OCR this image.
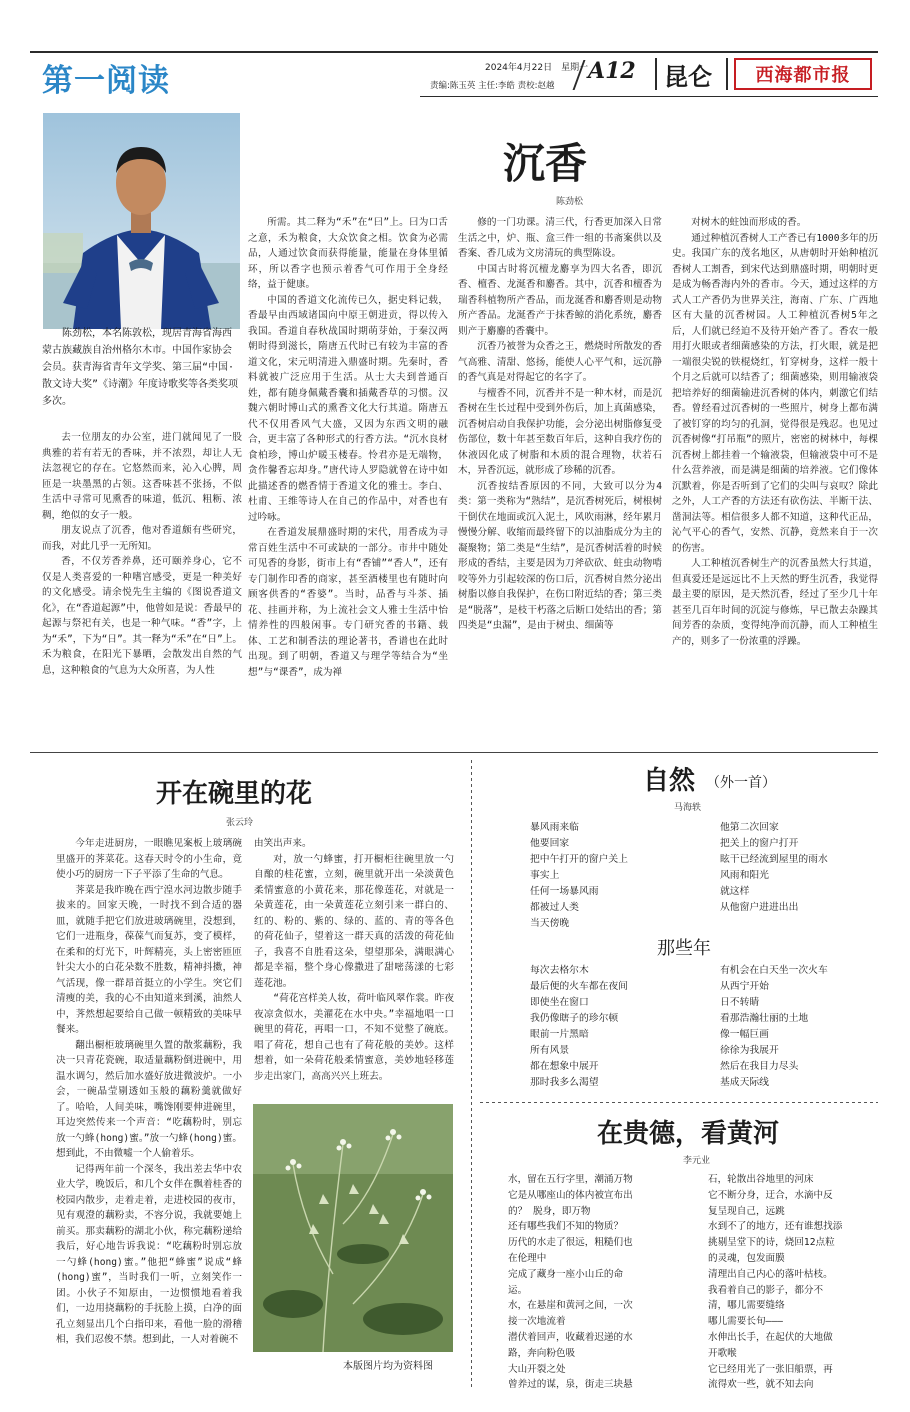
第一阅读	2024年4月22日　星期一
责编:陈玉英 主任:李皓 责校:赵越
A12 昆仑 西海都市报
陈劲松，本名陈敦松，现居青海省海西蒙古族藏族自治州格尔木市。中国作家协会会员。获青海省青年文学奖、第三届“中国·散文诗大奖”《诗潮》年度诗歌奖等各类奖项多次。
沉香
陈劲松

去一位朋友的办公室，进门就闻见了一股典雅的若有若无的香味，并不浓烈，却让人无法忽视它的存在。它悠然而来，沁入心脾，周匝是一块墨黑的占领。这香味甚不张扬，不似生活中寻常可见熏香的味道，低沉、粗粝、浓稠，绝似的女子一般。

朋友说点了沉香，他对香道颇有些研究，而我，对此几乎一无所知。

香，不仅芳香养鼻，还可颐养身心，它不仅是人类喜爱的一种嗜宫感受，更是一种美好的文化感受。请余悦先生主编的《图说香道文化》，在“香道起源”中，他曾如是说：香最早的起源与祭祀有关，也是一种气味。“香”字，上为“禾”，下为“日”。其一释为“禾”在“日”上。禾为粮食，在阳光下暴晒，会散发出自然的气息，这种粮食的气息为大众所喜，为人性

所需。其二释为“禾”在“曰”上。曰为口舌之意，禾为粮食，大众饮食之相。饮食为必需品，人通过饮食而获得能量，能量在身体里循环，所以香字也预示着香气可作用于全身经络，益于健康。

中国的香道文化流传已久，据史料记载，香最早由西域诸国向中原王朝进贡，得以传入我国。香道自春秋战国时期萌芽始，于秦汉两朝时得到滋长，隋唐五代时已有较为丰富的香道文化，宋元明清进入鼎盛时期。先秦时，香料就被广泛应用于生活。从士大夫到普通百姓，都有随身佩戴香囊和插戴香草的习惯。汉魏六朝时博山式的熏香文化大行其道。隋唐五代不仅用香风气大盛，又因为东西文明的融合，更丰富了各种形式的行香方法。“沉水良材食柏珍，博山炉暖玉楼春。怜君亦是无端物，贪作馨香忘却身。”唐代诗人罗隐就曾在诗中如此描述香的燃香情于香道文化的雅士。李白、杜甫、王维等诗人在自己的作品中，对香也有过吟咏。

在香道发展鼎盛时期的宋代，用香成为寻常百姓生活中不可或缺的一部分。市井中随处可见香的身影，街市上有“香铺”“香人”，还有专门制作印香的商家，甚至酒楼里也有随时向顾客供香的“香婆”。当时，品香与斗茶、插花、挂画并称，为上流社会文人雅士生活中怡情养性的四般闲事。专门研究香的书籍、载体、工艺和制香法的理论著书，香谱也在此时出现。到了明朝，香道又与理学等结合为“坐想”与“课香”，成为禅

修的一门功课。清三代，行香更加深入日常生活之中，炉、瓶、盒三件一组的书斋案供以及香案、香几成为文房清玩的典型陈设。

中国古时将沉檀龙麝享为四大名香，即沉香、檀香、龙涎香和麝香。其中，沉香和檀香为瑞香科植物所产香品，而龙涎香和麝香则是动物所产香品。龙涎香产于抹香鲸的消化系统，麝香则产于麝麝的香囊中。

沉香乃被誉为众香之王，燃烧时所散发的香气高雅、清甜、悠扬，能使人心平气和，远沉静的香气真是对得起它的名字了。

与檀香不同，沉香并不是一种木材，而是沉香树在生长过程中受到外伤后，加上真菌感染，沉香树启动自我保护功能，会分泌出树脂修复受伤部位，数十年甚至数百年后，这种自我疗伤的休液因化成了树脂和木质的混合理物，状若石木，异香沉远，就形成了珍稀的沉香。

沉香按结香原因的不同，大致可以分为4类：第一类称为“熟结”，是沉香树死后，树根树干倒伏在地面或沉入泥土，风吹雨淋，经年累月慢慢分解、收缩而最终留下的以油脂成分为主的凝聚物；第二类是“生结”，是沉香树活着的时候形成的香结，主要是因为刀斧砍砍、蛀虫动物啃咬等外力引起较深的伤口后，沉香树自然分泌出树脂以修自我保护，在伤口附近结的香；第三类是“脱落”，是枝干朽落之后断口处结出的香；第四类是“虫漏”，是由于树虫、细菌等

对树木的蛀蚀而形成的香。

通过种植沉香树人工产香已有1000多年的历史。我国广东的茂名地区，从唐朝时开始种植沉香树人工割香，到宋代达到鼎盛时期，明朝时更是成为畅香海内外的香市。今天，通过这样的方式人工产香仍为世界关注，海南、广东、广西地区有大量的沉香树园。人工种植沉香树5年之后，人们就已经迫不及待开始产香了。香农一般用打火眼或者细菌感染的方法，打火眼，就是把一端很尖锐的铁棍烧红，钉穿树身，这样一般十个月之后就可以结香了；细菌感染，则用输液袋把培养好的细菌输进沉香树的体内，刺激它们结香。曾经看过沉香树的一些照片，树身上都布满了被钉穿的均匀的孔洞，觉得很是残忍。也见过沉香树像“打吊瓶”的照片，密密的树林中，每棵沉香树上都挂着一个输液袋，但输液袋中可不是什么营养液，而是满是细菌的培养液。它们像体沉默着，你是否听到了它们的尖叫与哀叹？除此之外，人工产香的方法还有砍伤法、半断干法、凿洞法等。相信很多人都不知道，这种代正品，沁气平心的香气，安然、沉静，竟然来自于一次的伤害。

人工种植沉香树生产的沉香虽然大行其道，但真爱还是远远比不上天然的野生沉香，我觉得最主要的原因，是天然沉香，经过了至少几十年甚至几百年时间的沉淀与修炼，早已散去杂躁其间芳香的杂质，变得纯净而沉静，而人工种植生产的，则多了一份浓重的浮躁。

开在碗里的花
张云玲

今年走进厨房，一眼瞧见案板上玻璃碗里盛开的荠菜花。这春天时令的小生命，竟使小巧的厨房一下子平添了生命的气息。

荠菜是我昨晚在西宁湟水河边散步随手拔来的。回家天晚，一时找不到合适的器皿，就随手把它们放进玻璃碗里，没想到，它们一进瓶身，葆葆气而复苏，变了模样，在柔和的灯光下，叶辉精亮，头上密密匝匝针尖大小的白花朵数不胜数，精神抖擞，神气活现，像一群昂首挺立的小学生。突它们清瘦的美，我的心不由知道来到溪，油然人中，荠然想起要给自己做一顿精致的美味早餐来。

翻出橱柜玻璃碗里久置的散浆藕粉，我决一只青花瓷碗，取适量藕粉倒进碗中，用温水调匀，然后加水盛好放进微波炉。一小会，一碗晶莹剔透如玉般的藕粉羹就做好了。哈哈，人间美味，嘴馋刚要伸进碗里，耳边突然传来一个声音：“吃藕粉时，别忘放一勺蜂(hong)蜜。”放一勺蜂(hong)蜜。想到此，不由微嘘一个人偷着乐。

记得两年前一个深冬，我出差去华中农业大学，晚饭后，和几个女伴在飘着桂香的校园内散步，走着走着，走进校园的夜市，见有观澄的藕粉卖，不容分说，我就要她上前买。那卖藕粉的湖北小伙，称完藕粉递给我后，好心地告诉我说：“吃藕粉时别忘放一勺蜂(hong)蜜。”他把“蜂蜜”说成“蜂(hong)蜜”，当时我们一听，立刻笑作一团。小伙子不知原由，一边惯惯地看着我们，一边用挠藕粉的手抚脸上摸，白净的面孔立刻显出几个白指印来，看他一脸的滑稽相，我们忍俊不禁。想到此，一人对着碗不

由笑出声来。

对，放一勺蜂蜜，打开橱柜往碗里放一勺自酿的桂花蜜，立刻，碗里就开出一朵淡黄色柔情蜜意的小黄花来，那花像莲花，对就是一朵黄莲花，由一朵黄莲花立刻引来一群白的、红的、粉的、紫的、绿的、蓝的、青的等各色的荷花仙子，望着这一群天真的活泼的荷花仙子，我喜不自胜看这朵，望望那朵，满眼满心都是幸福，整个身心像撒进了甜嘧荡漾的七彩莲花池。

“荷花宫样美人妆，荷叶临风翠作裳。昨夜夜凉贪似水，美濯花在水中央。”幸福地唱一口碗里的荷花，再唱一口，不知不觉整了碗底。唱了荷花，想自己也有了荷花般的美妙。这样想着，如一朵荷花般柔情蜜意，美妙地轻移莲步走出家门，高高兴兴上班去。

本版图片均为资料图
自然 （外一首）
马海轶
暴风雨来临
他要回家
把中午打开的窗户关上
事实上
任何一场暴风雨
都被过人类
当天傍晚
他第二次回家
把关上的窗户打开
眩干已经流到屋里的雨水
风雨和阳光
就这样
从他窗户进进出出
那些年
每次去格尔木
最后便的火车都在夜间
即使坐在窗口
我仍像瞎子的珍尔顿
眼前一片黑暗
所有风景
都在想象中展开
那时我多么渴望
有机会在白天坐一次火车
从西宁开始
日不转睛
看那浩瀚壮丽的土地
像一幅巨画
徐徐为我展开
然后在我目力尽头
基成天际线
在贵德，看黄河
李元业
水，留在五行字里，潮涌万物
它是从哪座山的体内被宣布出
的？ 脱身，即万物
还有哪些我们不知的物质？
历代的水走了很远，粗糙们也
在伦理中
完成了藏身一座小山丘的命
运。
水，在悬崖和黄河之间，一次
接一次地流着
潜伏着回声，收藏着迟递的水
路，奔向粉色吸
大山开裂之处
曾养过的谋，泉，街走三块悬
石，轮散出谷地里的河床
它不断分身，迂合，水滴中反
复呈现自己，远跳
水到不了的地方，还有谁想找添
挑剔呈堂下的诗，烧回12点粒
的灵魂，包发面膜
清理出自己内心的落叶枯枝。
我看着自己的影子，都分不
清，哪儿需要缝络
哪儿需要长旬———
水伸出长手，在起伏的大地做
开歌喉
它已经用光了一张旧船票，再
流得欢一些，就不知去向
